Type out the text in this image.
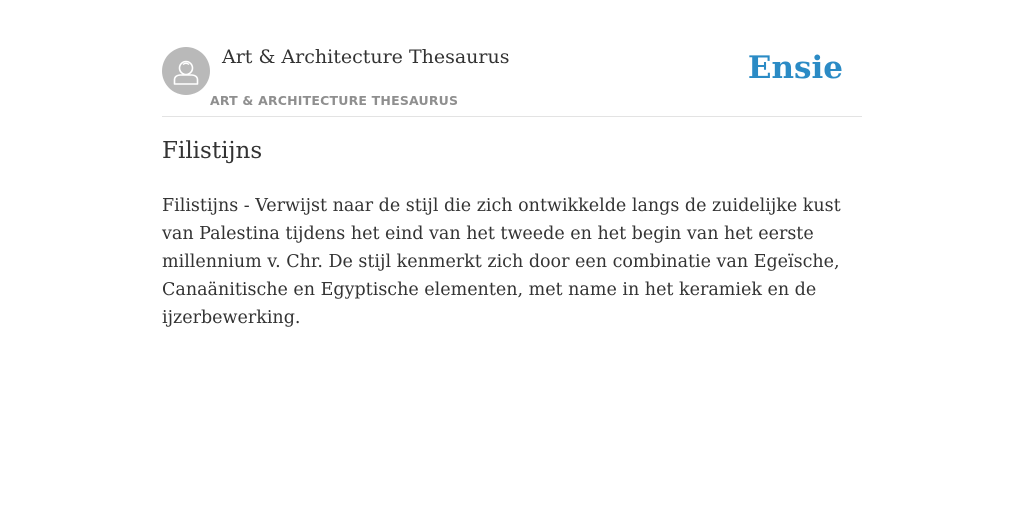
Art & Architecture Thesaurus
ART & ARCHITECTURE THESAURUS
Ensie
Filistijns

Filistijns - Verwijst naar de stijl die zich ontwikkelde langs de zuidelijke kust van Palestina tijdens het eind van het tweede en het begin van het eerste millennium v. Chr. De stijl kenmerkt zich door een combinatie van Egeïsche, Canaänitische en Egyptische elementen, met name in het keramiek en de ijzerbewerking.
